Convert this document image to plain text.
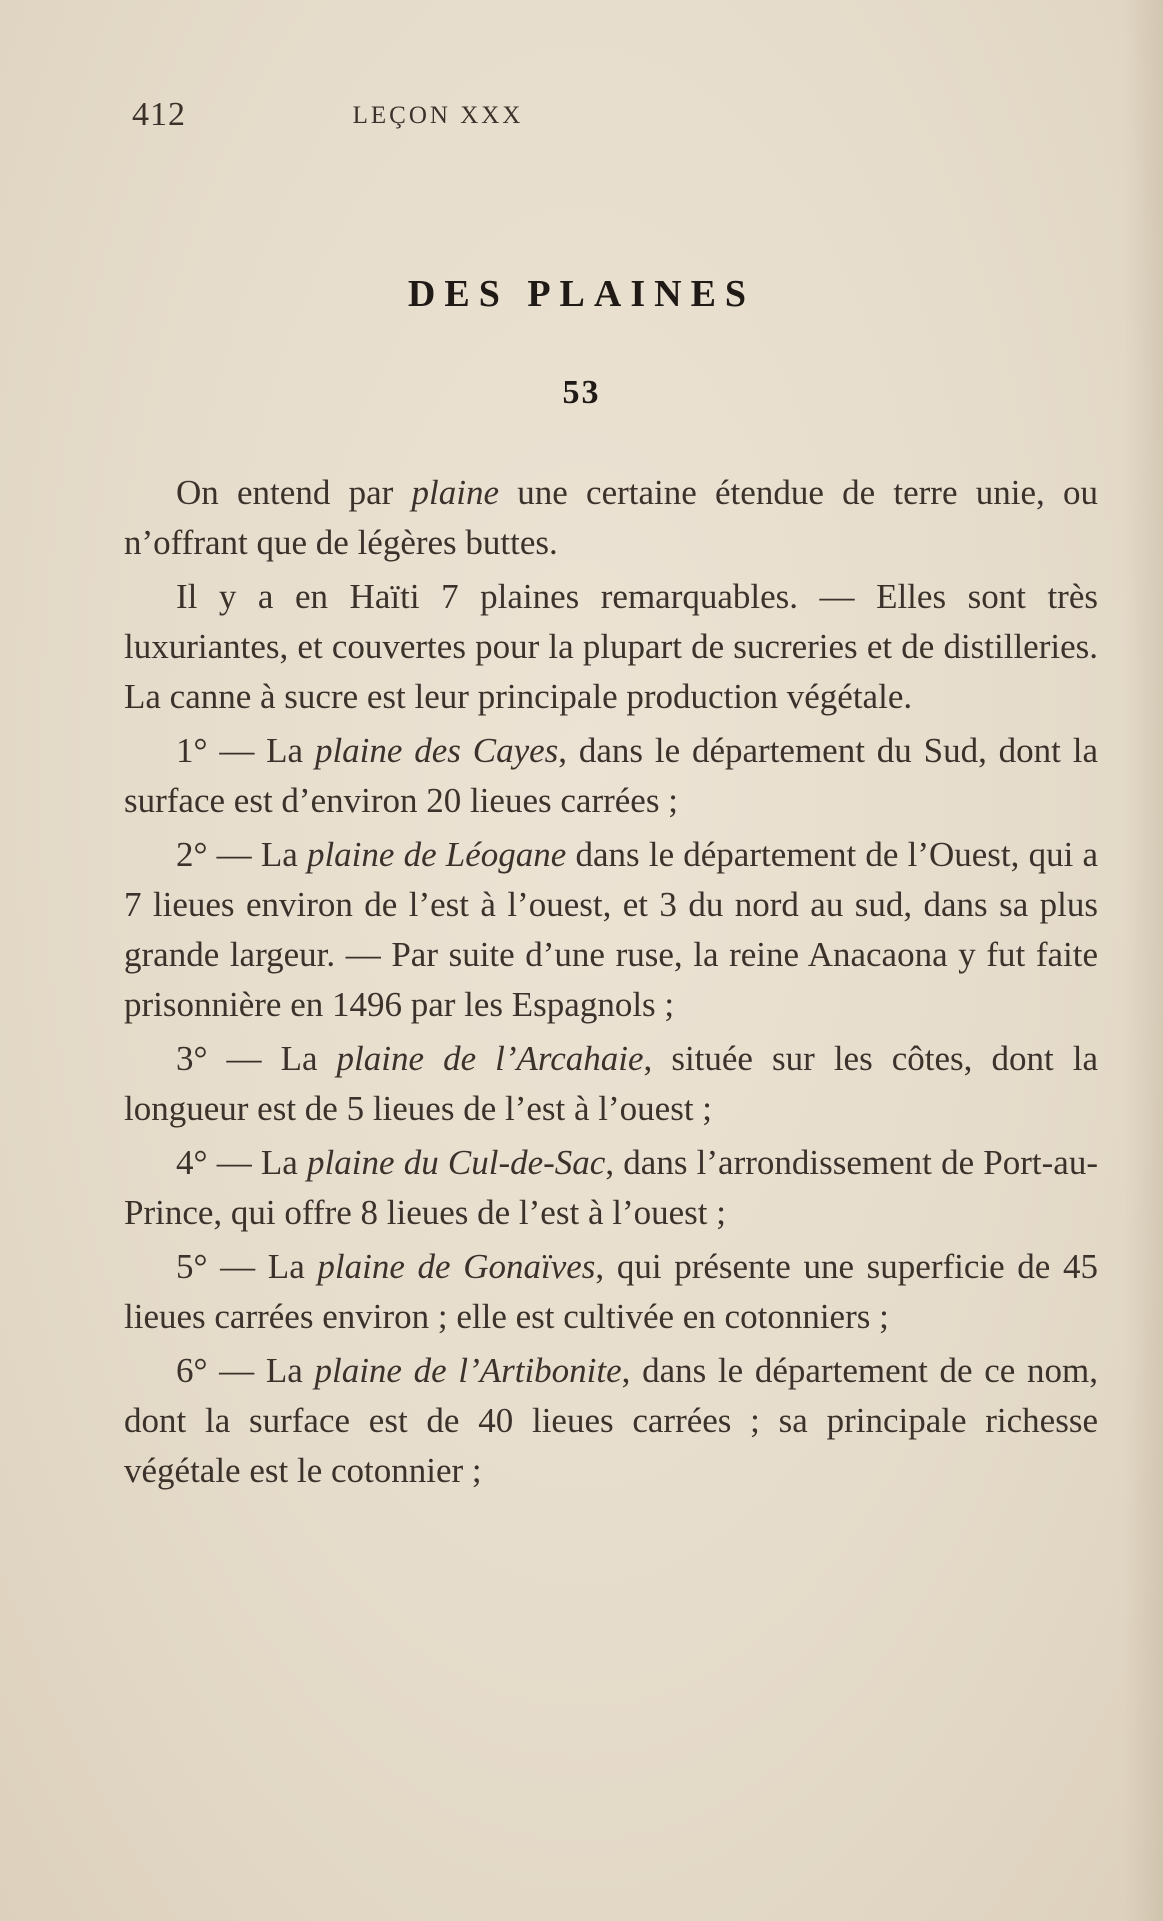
412	LEÇON XXX
DES PLAINES
53

On entend par plaine une certaine étendue de terre unie, ou n’offrant que de légères buttes.

Il y a en Haïti 7 plaines remarquables. — Elles sont très luxuriantes, et couvertes pour la plupart de sucreries et de distilleries. La canne à sucre est leur principale production végétale.

1° — La plaine des Cayes, dans le département du Sud, dont la surface est d’environ 20 lieues carrées ;

2° — La plaine de Léogane dans le département de l’Ouest, qui a 7 lieues environ de l’est à l’ouest, et 3 du nord au sud, dans sa plus grande largeur. — Par suite d’une ruse, la reine Anacaona y fut faite prisonnière en 1496 par les Espagnols ;

3° — La plaine de l’Arcahaie, située sur les côtes, dont la longueur est de 5 lieues de l’est à l’ouest ;

4° — La plaine du Cul-de-Sac, dans l’arrondissement de Port-au-Prince, qui offre 8 lieues de l’est à l’ouest ;

5° — La plaine de Gonaïves, qui présente une superficie de 45 lieues carrées environ ; elle est cultivée en cotonniers ;

6° — La plaine de l’Artibonite, dans le département de ce nom, dont la surface est de 40 lieues carrées ; sa principale richesse végétale est le cotonnier ;
